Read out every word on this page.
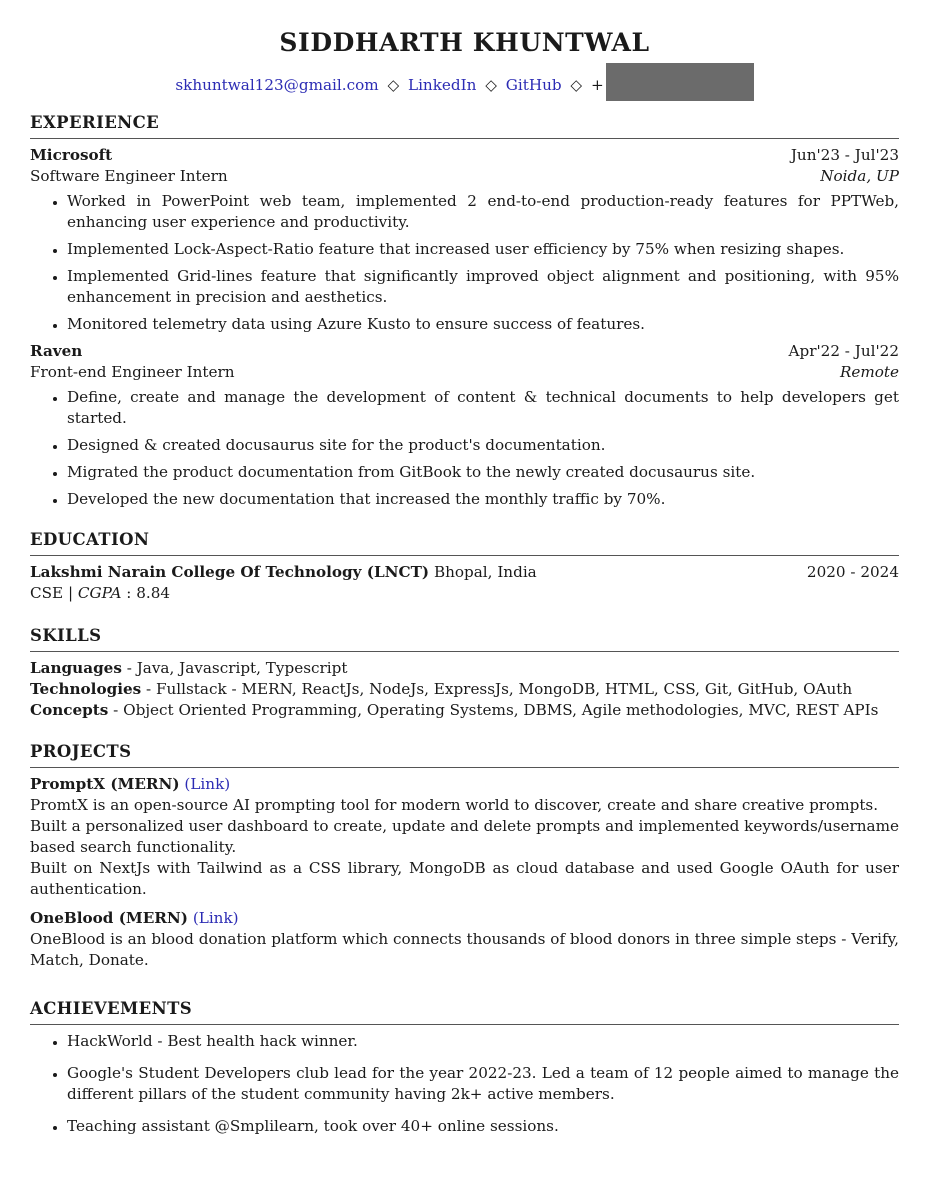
SIDDHARTH KHUNTWAL
skhuntwal123@gmail.com ◇ LinkedIn ◇ GitHub ◇ +
EXPERIENCE
Microsoft	Jun'23 - Jul'23
Software Engineer Intern	Noida, UP
• Worked in PowerPoint web team, implemented 2 end-to-end production-ready features for PPTWeb, enhancing user experience and productivity.
• Implemented Lock-Aspect-Ratio feature that increased user efficiency by 75% when resizing shapes.
• Implemented Grid-lines feature that significantly improved object alignment and positioning, with 95% enhancement in precision and aesthetics.
• Monitored telemetry data using Azure Kusto to ensure success of features.
Raven	Apr'22 - Jul'22
Front-end Engineer Intern	Remote
• Define, create and manage the development of content & technical documents to help developers get started.
• Designed & created docusaurus site for the product's documentation.
• Migrated the product documentation from GitBook to the newly created docusaurus site.
• Developed the new documentation that increased the monthly traffic by 70%.
EDUCATION
Lakshmi Narain College Of Technology (LNCT) Bhopal, India	2020 - 2024
CSE |
CGPA
: 8.84
SKILLS
Languages - Java, Javascript, Typescript
Technologies - Fullstack - MERN, ReactJs, NodeJs, ExpressJs, MongoDB, HTML, CSS, Git, GitHub, OAuth
Concepts - Object Oriented Programming, Operating Systems, DBMS, Agile methodologies, MVC, REST APIs
PROJECTS
PromptX (MERN) (Link)

PromtX is an open-source AI prompting tool for modern world to discover, create and share creative prompts.

Built a personalized user dashboard to create, update and delete prompts and implemented keywords/username based search functionality.

Built on NextJs with Tailwind as a CSS library, MongoDB as cloud database and used Google OAuth for user authentication.

OneBlood (MERN) (Link)

OneBlood is an blood donation platform which connects thousands of blood donors in three simple steps - Verify, Match, Donate.

ACHIEVEMENTS
• HackWorld - Best health hack winner.
• Google's Student Developers club lead for the year 2022-23. Led a team of 12 people aimed to manage the different pillars of the student community having 2k+ active members.
• Teaching assistant @Smplilearn, took over 40+ online sessions.
